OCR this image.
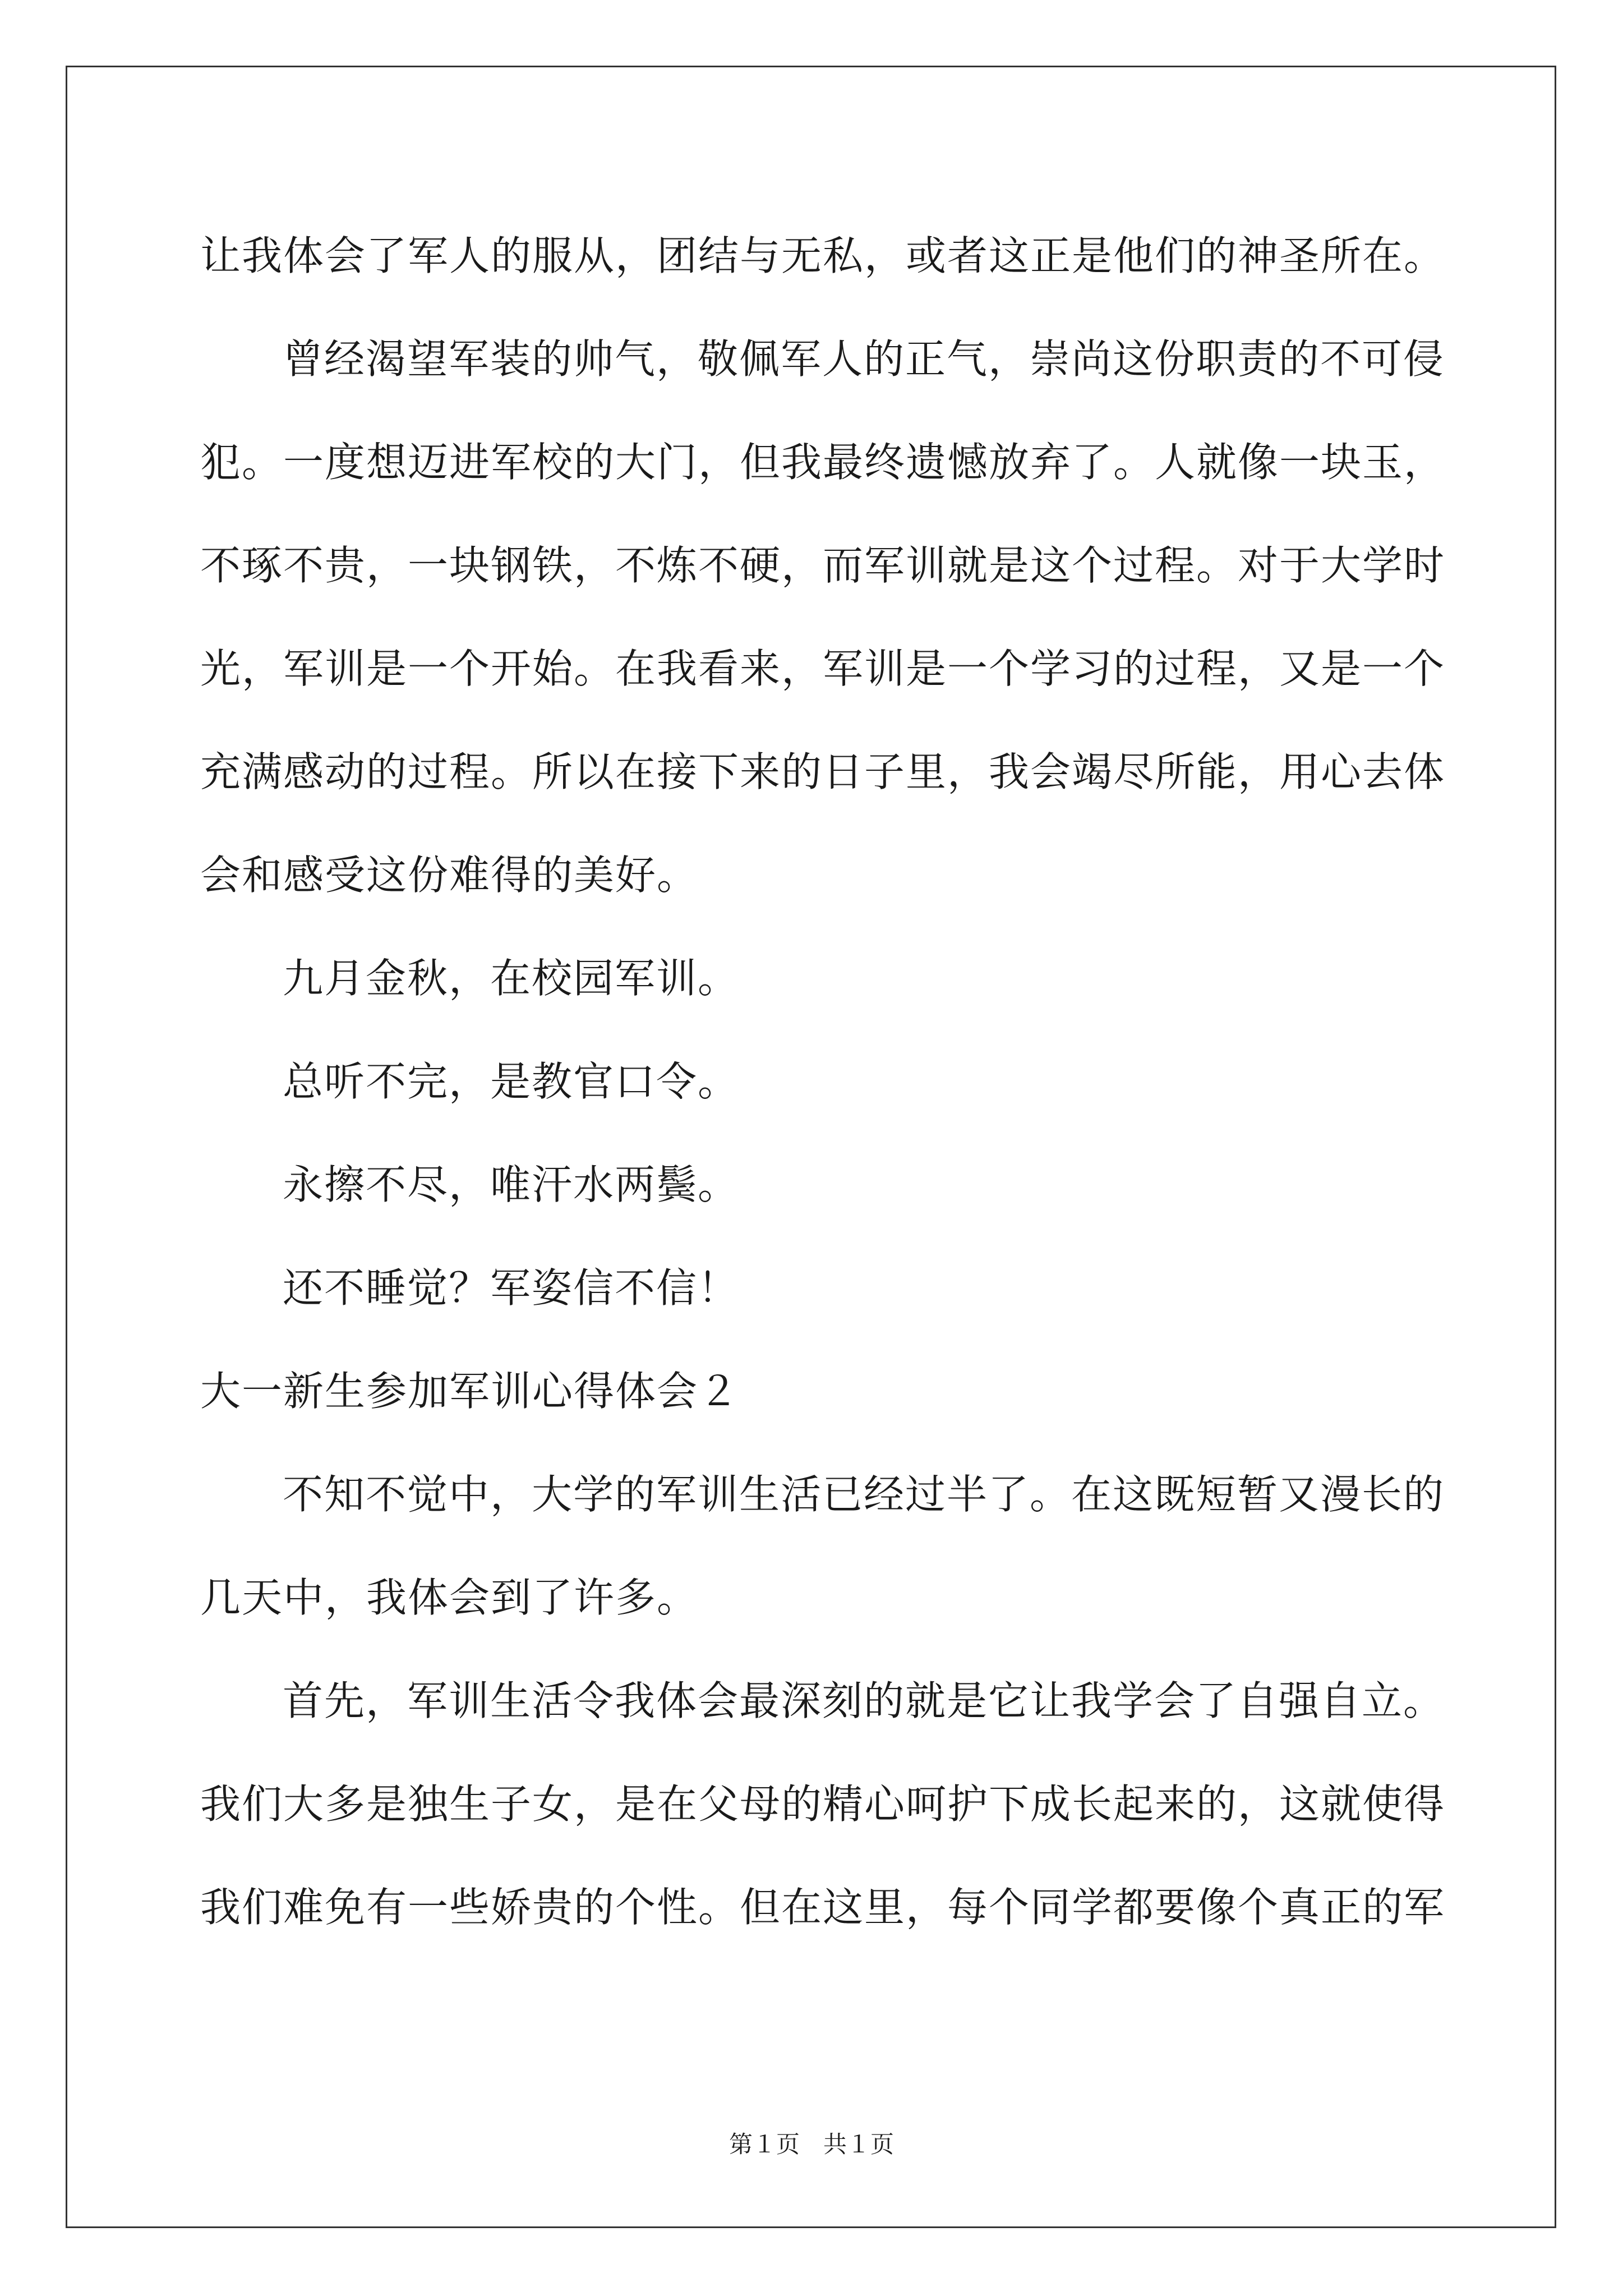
让我体会了军人的服从，团结与无私，或者这正是他们的神圣所在。
曾经渴望军装的帅气，敬佩军人的正气，崇尚这份职责的不可侵
犯。一度想迈进军校的大门，但我最终遗憾放弃了。人就像一块玉，
不琢不贵，一块钢铁，不炼不硬，而军训就是这个过程。对于大学时
光，军训是一个开始。在我看来，军训是一个学习的过程，又是一个
充满感动的过程。所以在接下来的日子里，我会竭尽所能，用心去体
会和感受这份难得的美好。
九月金秋，在校园军训。
总听不完，是教官口令。
永擦不尽，唯汗水两鬓。
还不睡觉？军姿信不信！
大一新生参加军训心得体会２
不知不觉中，大学的军训生活已经过半了。在这既短暂又漫长的
几天中，我体会到了许多。
首先，军训生活令我体会最深刻的就是它让我学会了自强自立。
我们大多是独生子女，是在父母的精心呵护下成长起来的，这就使得
我们难免有一些娇贵的个性。但在这里，每个同学都要像个真正的军
第１页　共１页
